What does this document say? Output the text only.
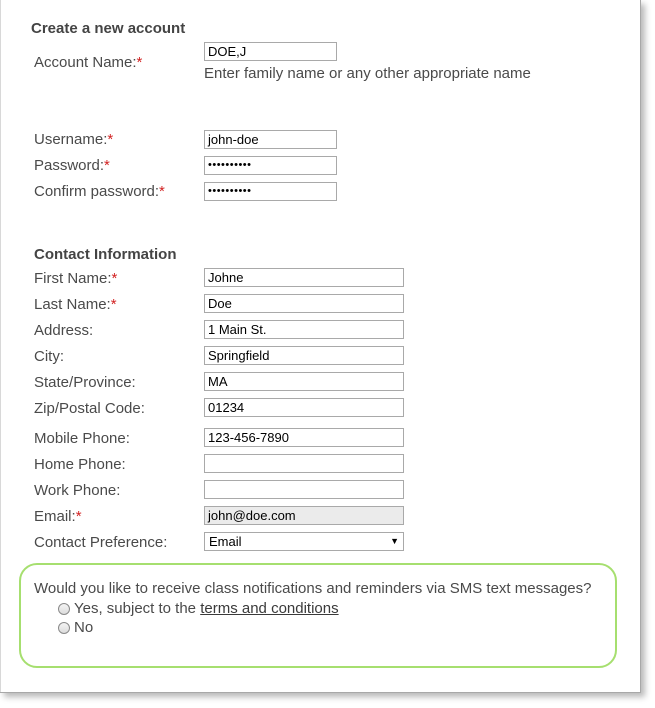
Create a new account
Account Name:*
DOE,J
Enter family name or any other appropriate name
Username:*	john-doe
Password:*	••••••••••
Confirm password:*	••••••••••
Contact Information
First Name:*	Johne
Last Name:*	Doe
Address:	1 Main St.
City:	Springfield
State/Province:	MA
Zip/Postal Code:	01234
Mobile Phone:	123-456-7890
Home Phone:
Work Phone:
Email:*	john@doe.com
Contact Preference:	Email	▼
Would you like to receive class notifications and reminders via SMS text messages?
Yes, subject to the terms and conditions
No
